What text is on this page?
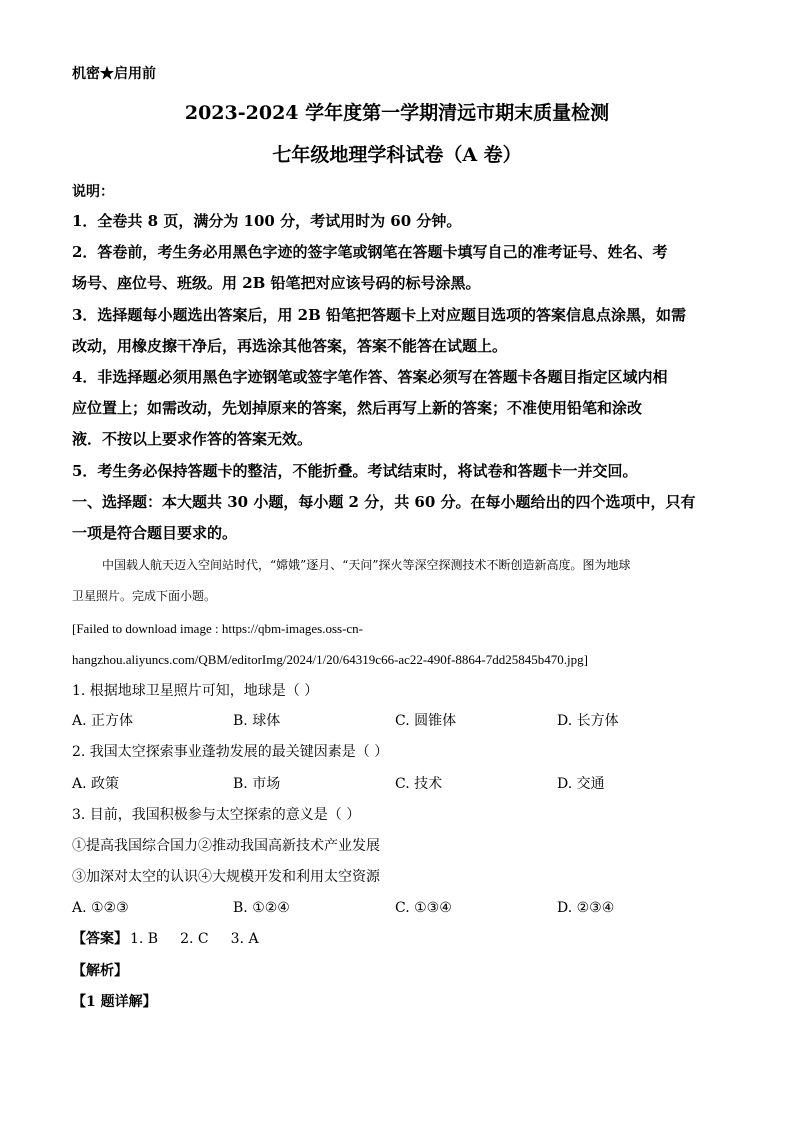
机密★启用前
2023-2024 学年度第一学期清远市期末质量检测
七年级地理学科试卷（A 卷）
说明：
1．全卷共 8 页，满分为 100 分，考试用时为 60 分钟。
2．答卷前，考生务必用黑色字迹的签字笔或钢笔在答题卡填写自己的准考证号、姓名、考
场号、座位号、班级。用 2B 铅笔把对应该号码的标号涂黑。
3．选择题每小题选出答案后，用 2B 铅笔把答题卡上对应题目选项的答案信息点涂黑，如需
改动，用橡皮擦干净后，再选涂其他答案，答案不能答在试题上。
4．非选择题必须用黑色字迹钢笔或签字笔作答、答案必须写在答题卡各题目指定区域内相
应位置上；如需改动，先划掉原来的答案，然后再写上新的答案；不准使用铅笔和涂改
液．不按以上要求作答的答案无效。
5．考生务必保持答题卡的整洁，不能折叠。考试结束时，将试卷和答题卡一并交回。
一、选择题：本大题共 30 小题，每小题 2 分，共 60 分。在每小题给出的四个选项中，只有
一项是符合题目要求的。
中国载人航天迈入空间站时代，“嫦娥”逐月、“天问”探火等深空探测技术不断创造新高度。图为地球
卫星照片。完成下面小题。
[Failed to download image : https://qbm-images.oss-cn-
hangzhou.aliyuncs.com/QBM/editorImg/2024/1/20/64319c66-ac22-490f-8864-7dd25845b470.jpg]
1. 根据地球卫星照片可知，地球是（ ）
A. 正方体	B. 球体	C. 圆锥体	D. 长方体
2. 我国太空探索事业蓬勃发展的最关键因素是（ ）
A. 政策	B. 市场	C. 技术	D. 交通
3. 目前，我国积极参与太空探索的意义是（ ）
①提高我国综合国力②推动我国高新技术产业发展
③加深对太空的认识④大规模开发和利用太空资源
A. ①②③	B. ①②④	C. ①③④	D. ②③④
【答案】 1. B 2. C 3. A
【解析】
【1 题详解】
